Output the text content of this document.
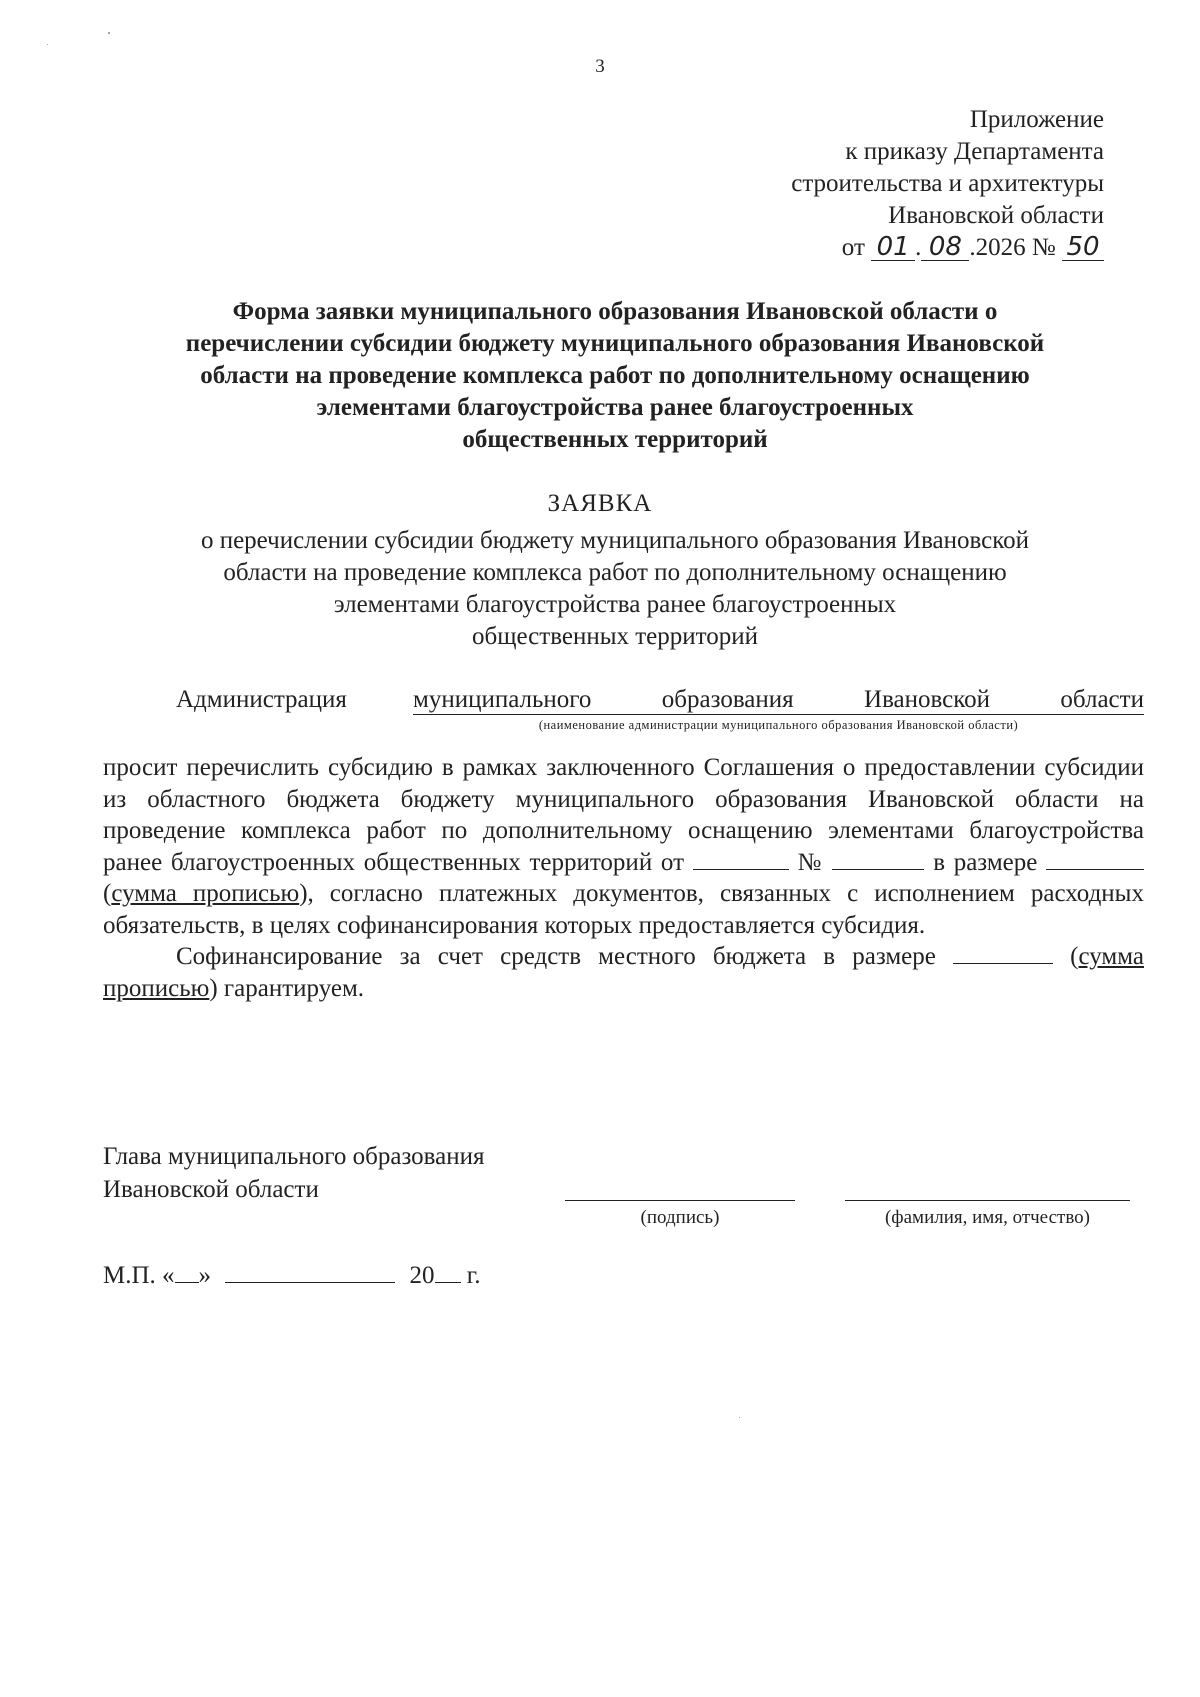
3
Приложение
к приказу Департамента
строительства и архитектуры
Ивановской области
от 01 . 08 .2026 № 50
Форма заявки муниципального образования Ивановской области о
перечислении субсидии бюджету муниципального образования Ивановской
области на проведение комплекса работ по дополнительному оснащению
элементами благоустройства ранее благоустроенных
общественных территорий
ЗАЯВКА
о перечислении субсидии бюджету муниципального образования Ивановской
области на проведение комплекса работ по дополнительному оснащению
элементами благоустройства ранее благоустроенных
общественных территорий
Администрация	муниципального	образования	Ивановской	области
(наименование администрации муниципального образования Ивановской области)

просит перечислить субсидию в рамках заключенного Соглашения о предоставлении субсидии из областного бюджета бюджету муниципального образования Ивановской области на проведение комплекса работ по дополнительному оснащению элементами благоустройства ранее благоустроенных общественных территорий от	№	в размере  (сумма прописью), согласно платежных документов, связанных с исполнением расходных обязательств, в целях софинансирования которых предоставляется субсидия.

Софинансирование за счет средств местного бюджета в размере	(сумма прописью) гарантируем.

Глава муниципального образования
Ивановской области
(подпись)	(фамилия, имя, отчество)
М.П. « »	20 г.
